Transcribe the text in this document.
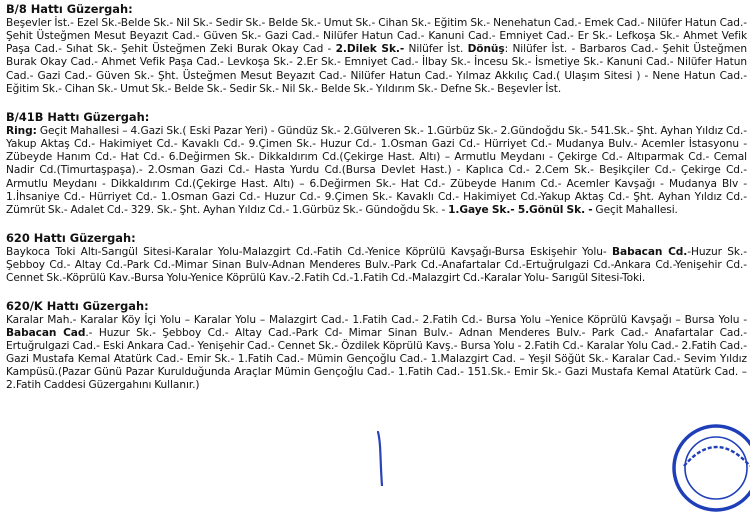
B/8 Hattı Güzergah:

Beşevler İst.- Ezel Sk.-Belde Sk.- Nil Sk.- Sedir Sk.- Belde Sk.- Umut Sk.- Cihan Sk.- Eğitim Sk.- Nenehatun Cad.- Emek Cad.- Nilüfer Hatun Cad.- Şehit Üsteğmen Mesut Beyazıt Cad.- Güven Sk.- Gazi Cad.- Nilüfer Hatun Cad.- Kanuni Cad.- Emniyet Cad.- Er Sk.- Lefkoşa Sk.- Ahmet Vefik Paşa Cad.- Sıhat Sk.- Şehit Üsteğmen Zeki Burak Okay Cad - 2.Dilek Sk.- Nilüfer İst. Dönüş: Nilüfer İst. - Barbaros Cad.- Şehit Üsteğmen Burak Okay Cad.- Ahmet Vefik Paşa Cad.- Levkoşa Sk.- 2.Er Sk.- Emniyet Cad.- İlbay Sk.- İncesu Sk.- İsmetiye Sk.- Kanuni Cad.- Nilüfer Hatun Cad.- Gazi Cad.- Güven Sk.- Şht. Üsteğmen Mesut Beyazıt Cad.- Nilüfer Hatun Cad.- Yılmaz Akkılıç Cad.( Ulaşım Sitesi ) - Nene Hatun Cad.- Eğitim Sk.- Cihan Sk.- Umut Sk.- Belde Sk.- Sedir Sk.- Nil Sk.- Belde Sk.- Yıldırım Sk.- Defne Sk.- Beşevler İst.

B/41B Hattı Güzergah:

Ring: Geçit Mahallesi – 4.Gazi Sk.( Eski Pazar Yeri) - Gündüz Sk.- 2.Gülveren Sk.- 1.Gürbüz Sk.- 2.Gündoğdu Sk.- 541.Sk.- Şht. Ayhan Yıldız Cd.- Yakup Aktaş Cd.- Hakimiyet Cd.- Kavaklı Cd.- 9.Çimen Sk.- Huzur Cd.- 1.Osman Gazi Cd.- Hürriyet Cd.- Mudanya Bulv.- Acemler İstasyonu - Zübeyde Hanım Cd.- Hat Cd.- 6.Değirmen Sk.- Dikkaldırım Cd.(Çekirge Hast. Altı) – Armutlu Meydanı - Çekirge Cd.- Altıparmak Cd.- Cemal Nadir Cd.(Timurtaşpaşa).- 2.Osman Gazi Cd.- Hasta Yurdu Cd.(Bursa Devlet Hast.) - Kaplıca Cd.- 2.Cem Sk.- Beşikçiler Cd.- Çekirge Cd.- Armutlu Meydanı - Dikkaldırım Cd.(Çekirge Hast. Altı) – 6.Değirmen Sk.- Hat Cd.- Zübeyde Hanım Cd.- Acemler Kavşağı - Mudanya Blv - 1.İhsaniye Cd.- Hürriyet Cd.- 1.Osman Gazi Cd.- Huzur Cd.- 9.Çimen Sk.- Kavaklı Cd.- Hakimiyet Cd.-Yakup Aktaş Cd.- Şht. Ayhan Yıldız Cd.- Zümrüt Sk.- Adalet Cd.- 329. Sk.- Şht. Ayhan Yıldız Cd.- 1.Gürbüz Sk.- Gündoğdu Sk. - 1.Gaye Sk.- 5.Gönül Sk. - Geçit Mahallesi.

620 Hattı Güzergah:

Baykoca Toki Altı-Sarıgül Sitesi-Karalar Yolu-Malazgirt Cd.-Fatih Cd.-Yenice Köprülü Kavşağı-Bursa Eskişehir Yolu- Babacan Cd.-Huzur Sk.-Şebboy Cd.- Altay Cd.-Park Cd.-Mimar Sinan Bulv-Adnan Menderes Bulv.-Park Cd.-Anafartalar Cd.-Ertuğrulgazi Cd.-Ankara Cd.-Yenişehir Cd.-Cennet Sk.-Köprülü Kav.-Bursa Yolu-Yenice Köprülü Kav.-2.Fatih Cd.-1.Fatih Cd.-Malazgirt Cd.-Karalar Yolu- Sarıgül Sitesi-Toki.

620/K Hattı Güzergah:

Karalar Mah.- Karalar Köy İçi Yolu – Karalar Yolu – Malazgirt Cad.- 1.Fatih Cad.- 2.Fatih Cd.- Bursa Yolu –Yenice Köprülü Kavşağı – Bursa Yolu - Babacan Cad.- Huzur Sk.- Şebboy Cd.- Altay Cad.-Park Cd- Mimar Sinan Bulv.- Adnan Menderes Bulv.- Park Cad.- Anafartalar Cad.- Ertuğrulgazi Cad.- Eski Ankara Cad.- Yenişehir Cad.- Cennet Sk.- Özdilek Köprülü Kavş.- Bursa Yolu - 2.Fatih Cd.- Karalar Yolu Cad.- 2.Fatih Cad.- Gazi Mustafa Kemal Atatürk Cad.- Emir Sk.- 1.Fatih Cad.- Mümin Gençoğlu Cad.- 1.Malazgirt Cad. – Yeşil Söğüt Sk.- Karalar Cad.- Sevim Yıldız Kampüsü.(Pazar Günü Pazar Kurulduğunda Araçlar Mümin Gençoğlu Cad.- 1.Fatih Cad.- 151.Sk.- Emir Sk.- Gazi Mustafa Kemal Atatürk Cad. – 2.Fatih Caddesi Güzergahını Kullanır.)
